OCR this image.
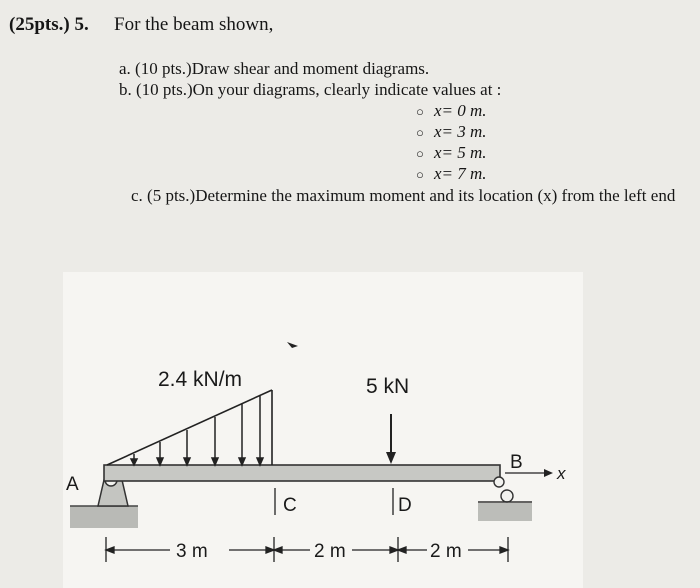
(25pts.) 5. For the beam shown,
a. (10 pts.)Draw shear and moment diagrams.
b. (10 pts.)On your diagrams, clearly indicate values at :
○ x= 0 m.
○ x= 3 m.
○ x= 5 m.
○ x= 7 m.
c. (5 pts.)Determine the maximum moment and its location (x) from the left end
2.4 kN/m	5 kN
A
B
C	D
x
3 m	2 m	2 m
